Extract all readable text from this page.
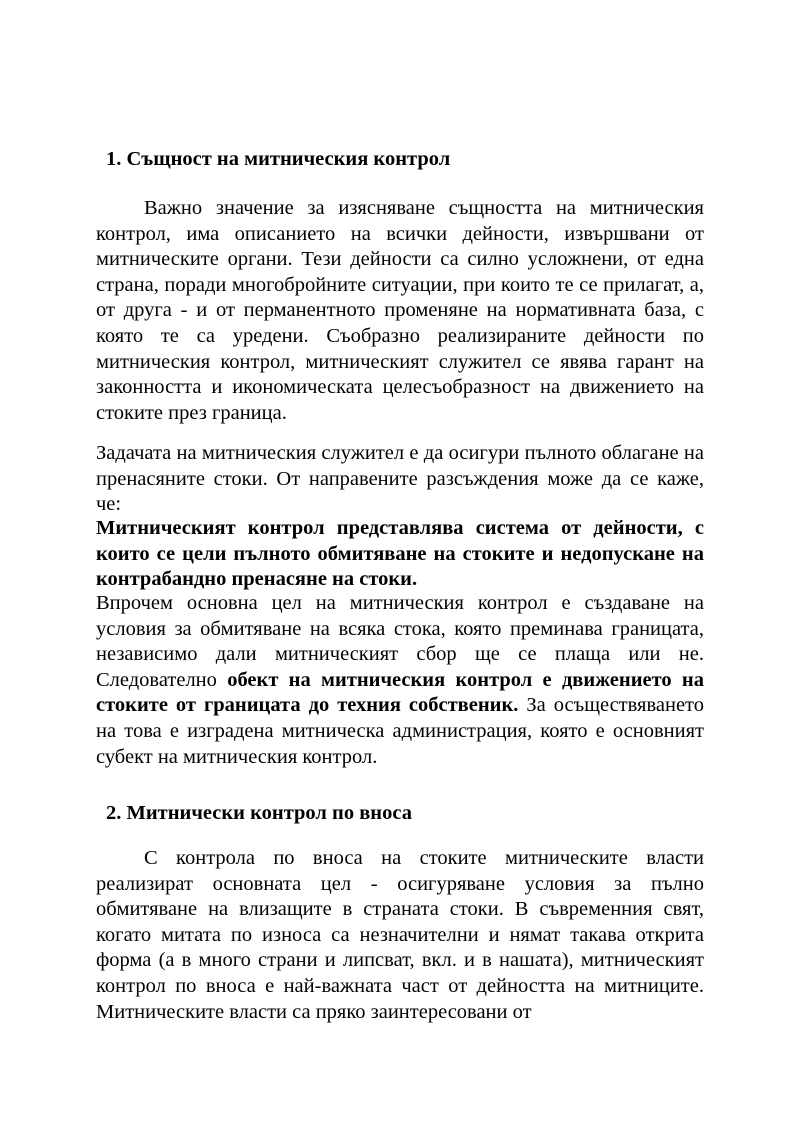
1. Същност на митническия контрол

Важно значение за изясняване същността на митническия контрол, има описанието на всички дейности, извършвани от митническите органи. Тези дейности са силно усложнени, от една страна, поради многобройните ситуации, при които те се прилагат, а, от друга - и от перманентното променяне на нормативната база, с която те са уредени. Съобразно реализираните дейности по митническия контрол, митническият служител се явява гарант на законността и икономическата целесъобразност на движението на стоките през граница.

Задачата на митническия служител е да осигури пълното облагане на пренасяните стоки. От направените разсъждения може да се каже, че:

Митническият контрол представлява система от дейности, с които се цели пълното обмитяване на стоките и недопускане на контрабандно пренасяне на стоки.

Впрочем основна цел на митническия контрол е създаване на условия за обмитяване на всяка стока, която преминава границата, независимо дали митническият сбор ще се плаща или не. Следователно обект на митническия контрол е движението на стоките от границата до техния собственик. За осъществяването на това е изградена митническа администрация, която е основният субект на митническия контрол.

2. Митнически контрол по вноса

С контрола по вноса на стоките митническите власти реализират основната цел - осигуряване условия за пълно обмитяване на влизащите в страната стоки. В съвременния свят, когато митата по износа са незначителни и нямат такава открита форма (а в много страни и липсват, вкл. и в нашата), митническият контрол по вноса е най-важната част от дейността на митниците. Митническите власти са пряко заинтересовани от
